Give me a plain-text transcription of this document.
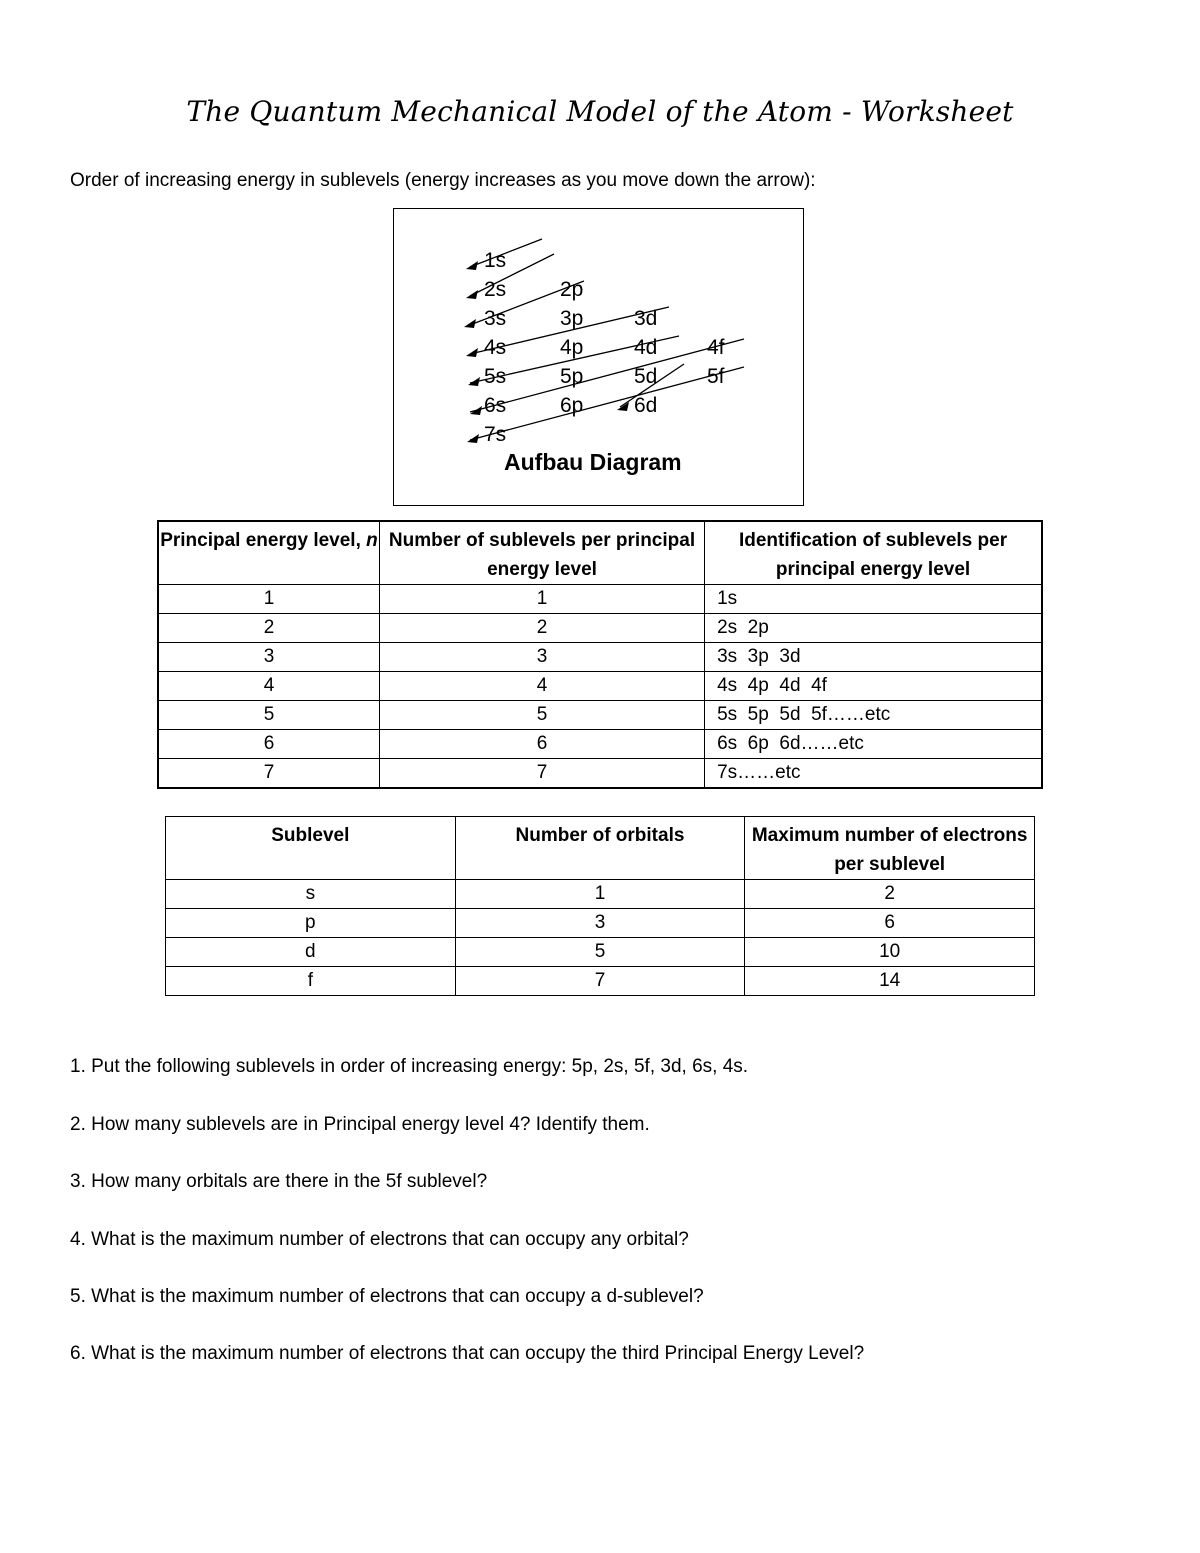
The Quantum Mechanical Model of the Atom - Worksheet
Order of increasing energy in sublevels (energy increases as you move down the arrow):
1s
2s	2p
3s	3p 3d
4s	4p 4d 4f
5s	5p 5d 5f
6s	6p 6d
7s
Aufbau Diagram
Principal energy level, n	Number of sublevels per principal energy level	Identification of sublevels per principal energy level
1	1	1s
2	2	2s  2p
3	3	3s  3p  3d
4	4	4s  4p  4d  4f
5	5	5s  5p  5d  5f……etc
6	6	6s  6p  6d……etc
7	7	7s……etc
Sublevel	Number of orbitals	Maximum number of electrons per sublevel
s	1	2
p	3	6
d	5	10
f	7	14
1. Put the following sublevels in order of increasing energy: 5p, 2s, 5f, 3d, 6s, 4s.
2. How many sublevels are in Principal energy level 4? Identify them.
3. How many orbitals are there in the 5f sublevel?
4. What is the maximum number of electrons that can occupy any orbital?
5. What is the maximum number of electrons that can occupy a d-sublevel?
6. What is the maximum number of electrons that can occupy the third Principal Energy Level?
